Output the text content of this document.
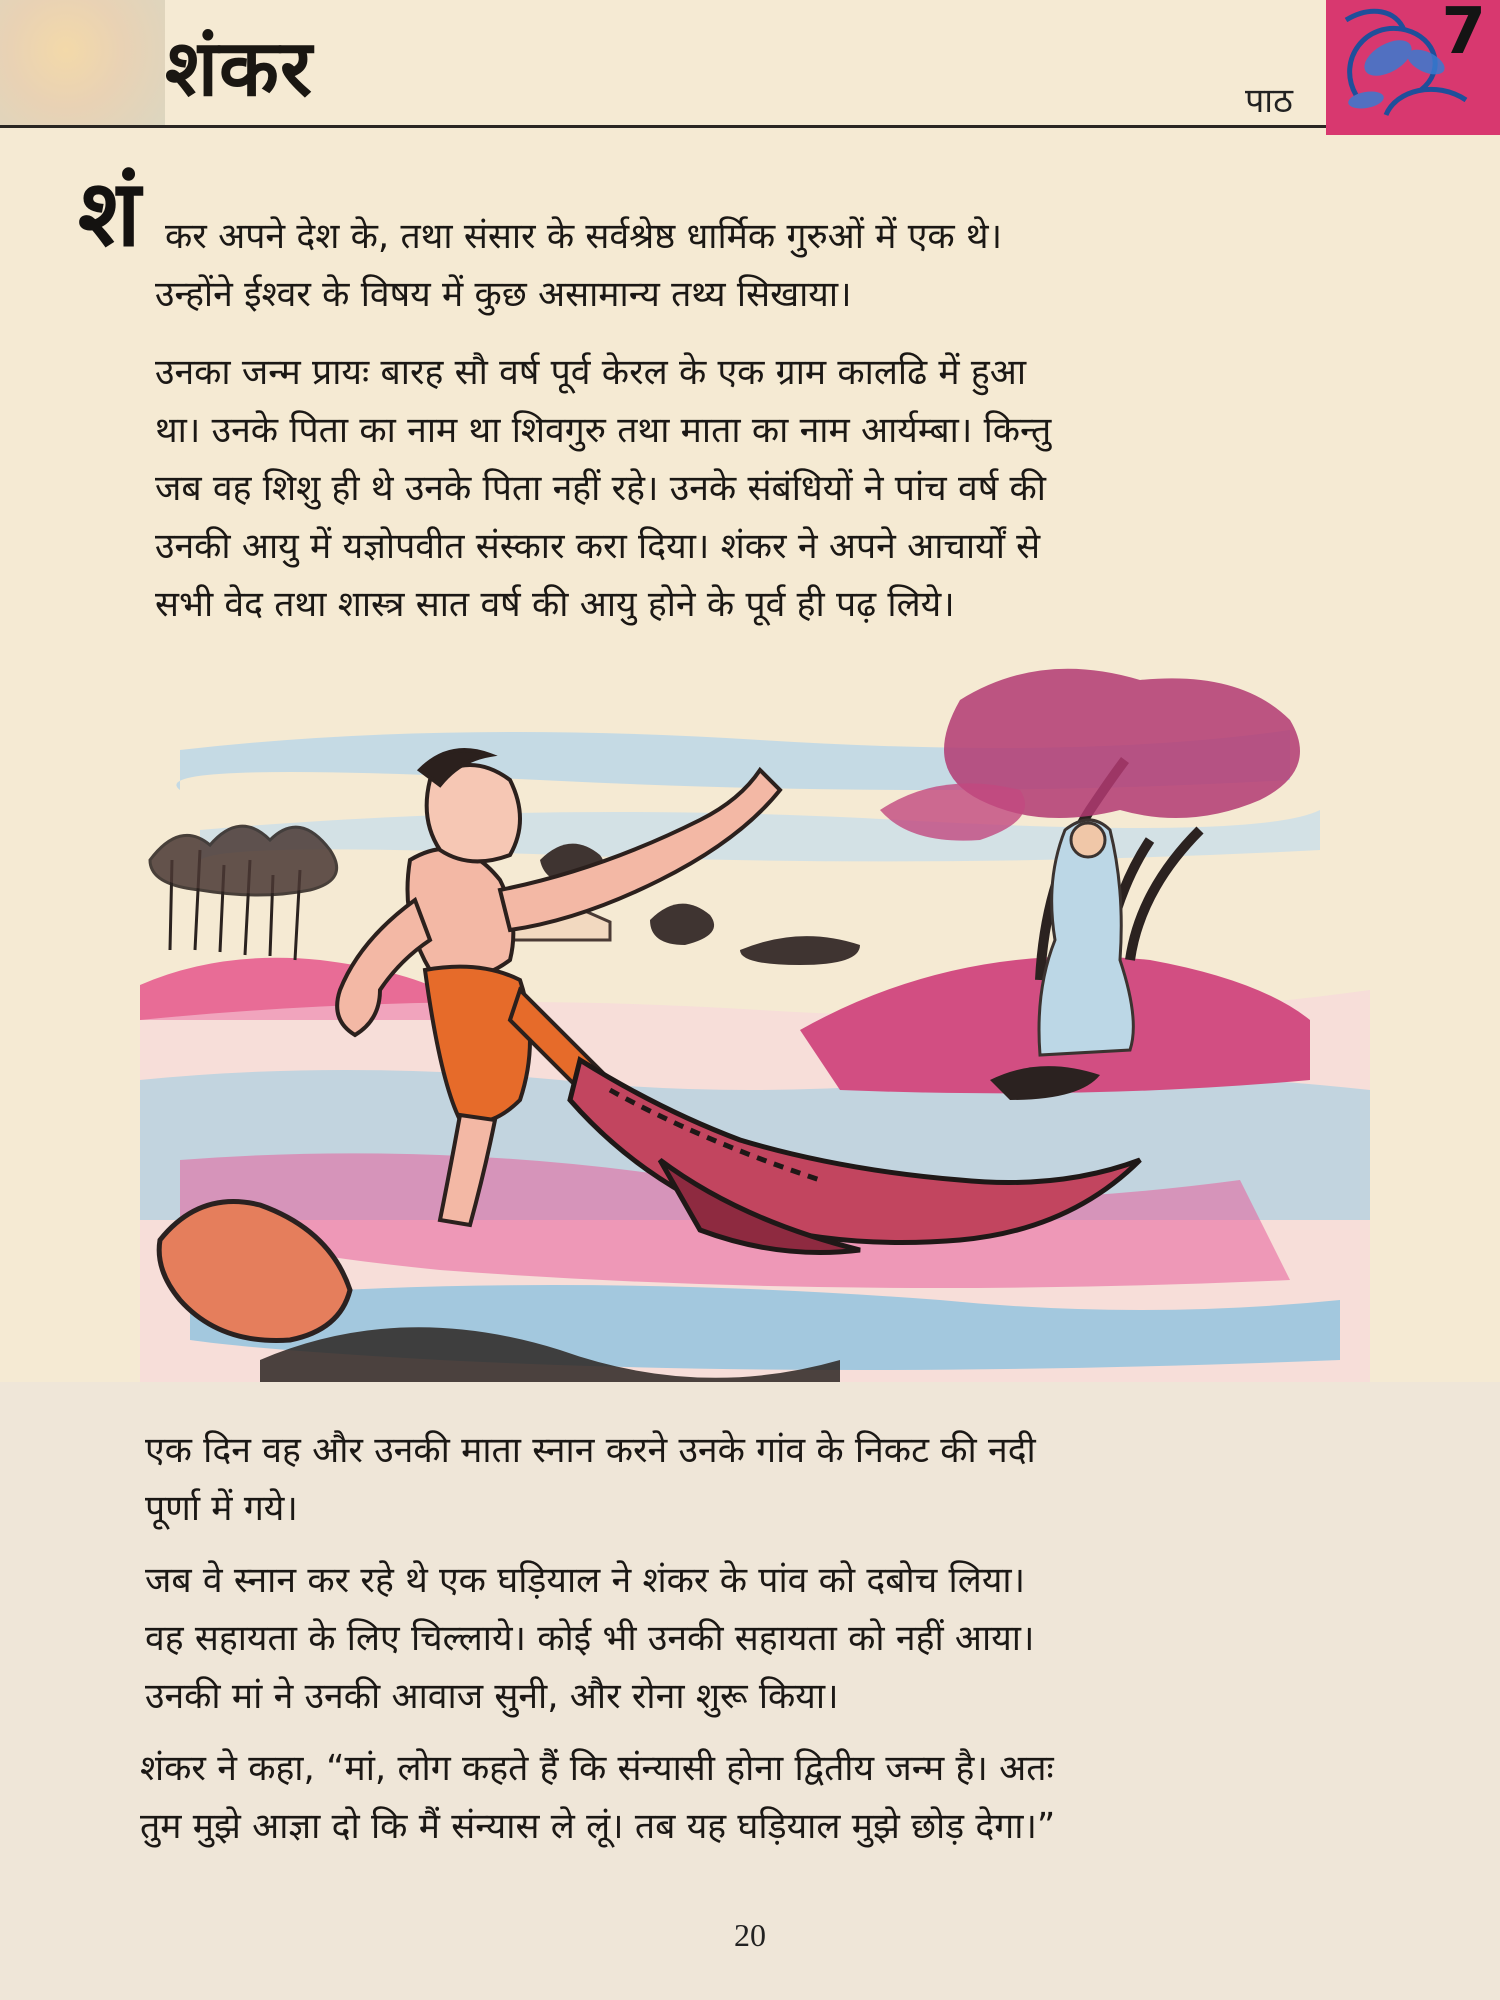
शंकर	पाठ
7
शं कर अपने देश के, तथा संसार के सर्वश्रेष्ठ धार्मिक गुरुओं में एक थे।
उन्होंने ईश्वर के विषय में कुछ असामान्य तथ्य सिखाया।
उनका जन्म प्रायः बारह सौ वर्ष पूर्व केरल के एक ग्राम कालढि में हुआ
था। उनके पिता का नाम था शिवगुरु तथा माता का नाम आर्यम्बा। किन्तु
जब वह शिशु ही थे उनके पिता नहीं रहे। उनके संबंधियों ने पांच वर्ष की
उनकी आयु में यज्ञोपवीत संस्कार करा दिया। शंकर ने अपने आचार्यों से
सभी वेद तथा शास्त्र सात वर्ष की आयु होने के पूर्व ही पढ़ लिये।
एक दिन वह और उनकी माता स्नान करने उनके गांव के निकट की नदी
पूर्णा में गये।
जब वे स्नान कर रहे थे एक घड़ियाल ने शंकर के पांव को दबोच लिया।
वह सहायता के लिए चिल्लाये। कोई भी उनकी सहायता को नहीं आया।
उनकी मां ने उनकी आवाज सुनी, और रोना शुरू किया।
शंकर ने कहा, “मां, लोग कहते हैं कि संन्यासी होना द्वितीय जन्म है। अतः
तुम मुझे आज्ञा दो कि मैं संन्यास ले लूं। तब यह घड़ियाल मुझे छोड़ देगा।”
20
